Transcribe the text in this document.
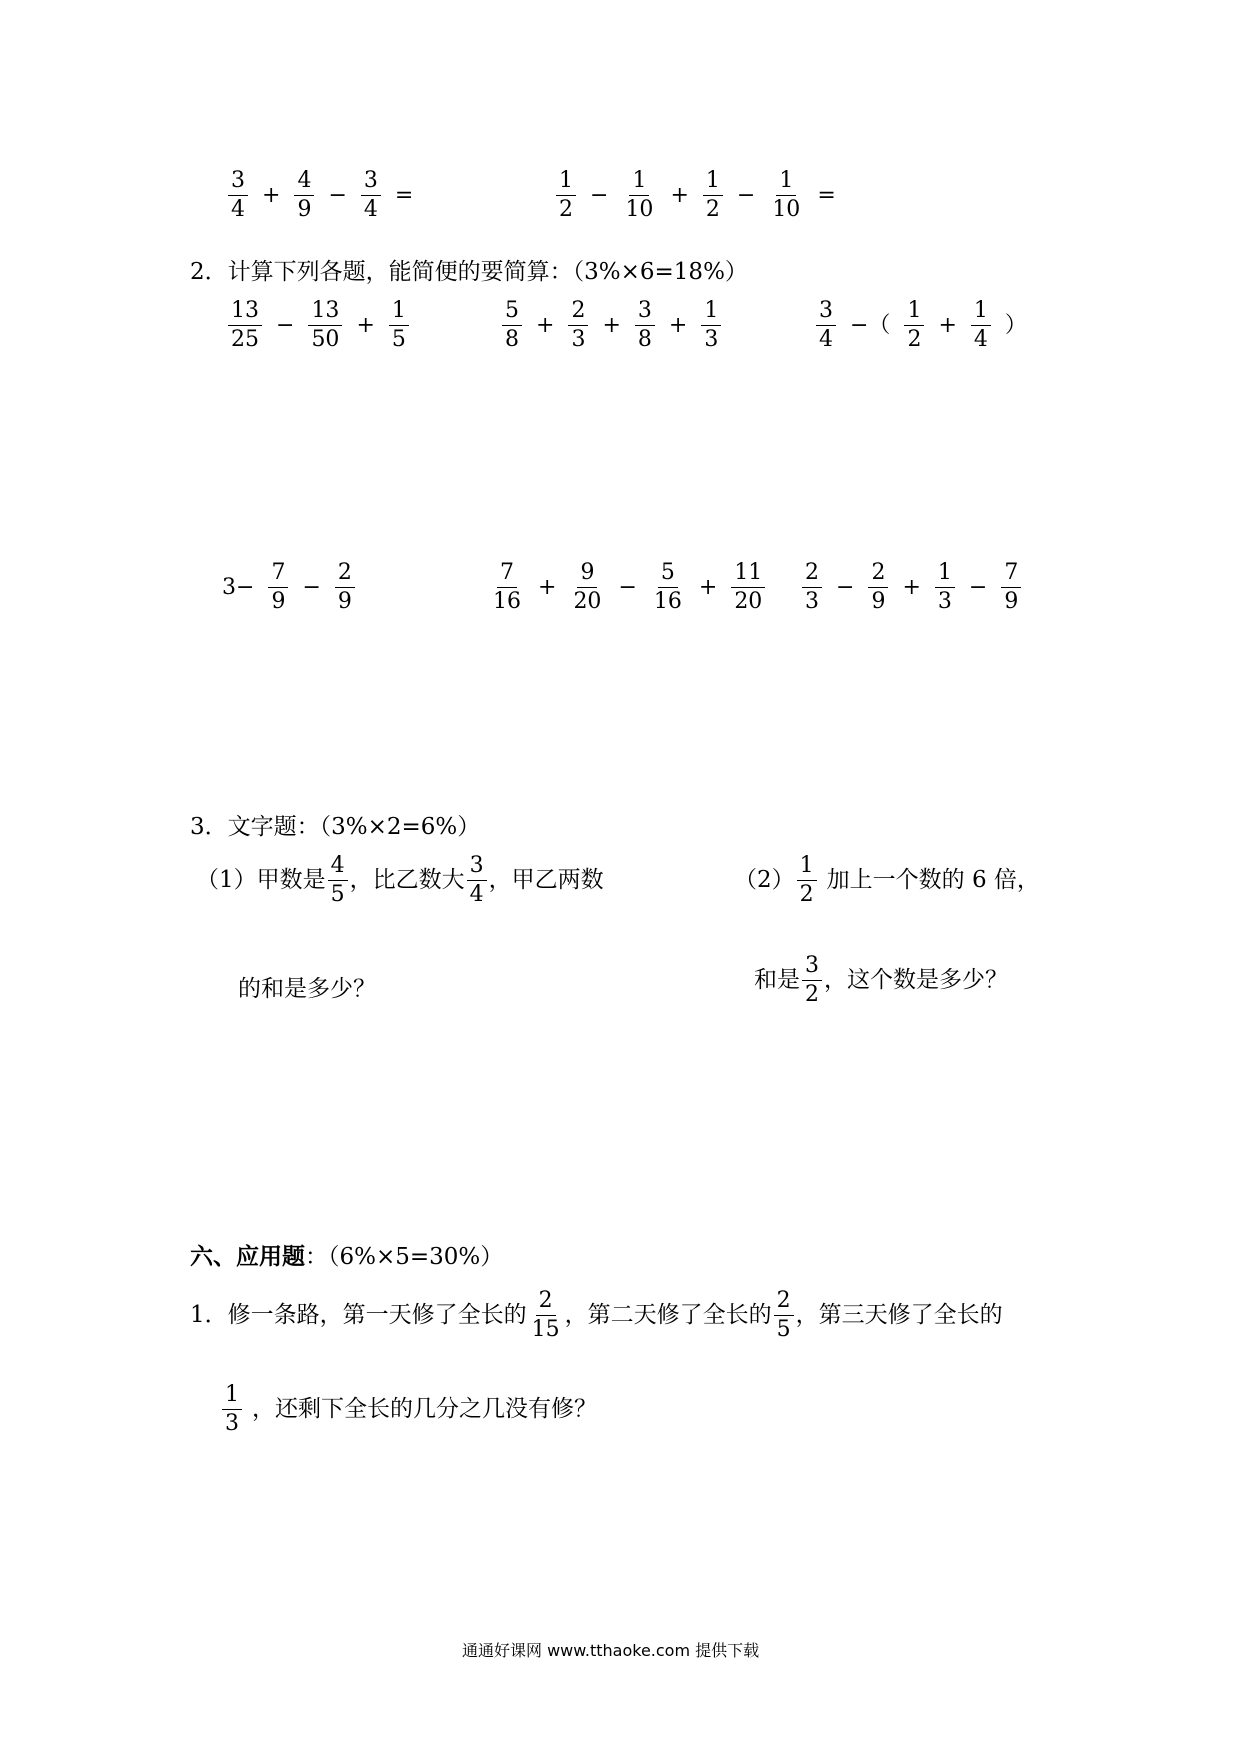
$\frac{3}{4} + \frac{4}{9} - \frac{3}{4}$ =	$\frac{1}{2} - \frac{1}{10} + \frac{1}{2} - \frac{1}{10}$ =
2．计算下列各题，能简便的要简算：（3%×6=18%）
$\frac{13}{25} - \frac{13}{50} + \frac{1}{5}$	$\frac{5}{8} + \frac{2}{3} + \frac{3}{8} + \frac{1}{3}$	$\frac{3}{4}$ −（ $\frac{1}{2} + \frac{1}{4}$ ）
$3- \frac{7}{9} - \frac{2}{9}$	$\frac{7}{16} + \frac{9}{20} - \frac{5}{16} + \frac{11}{20} \frac{2}{3} - \frac{2}{9} + \frac{1}{3} - \frac{7}{9}$
3．文字题：（3%×2=6%）
（1）甲数是 $\frac{4}{5}$ ，比乙数大 $\frac{3}{4}$ ，甲乙两数
的和是多少？
$(2) \frac{1}{2}$ 加上一个数的 6 倍，
和是 $\frac{3}{2}$ ，这个数是多少？
六、应用题：（6%×5=30%）
1．修一条路，第一天修了全长的 $\frac{2}{15}$ ，第二天修了全长的 $\frac{2}{5}$ ，第三天修了全长的
$\frac{1}{3}$ ，还剩下全长的几分之几没有修？
通通好课网 www.tthaoke.com 提供下载
